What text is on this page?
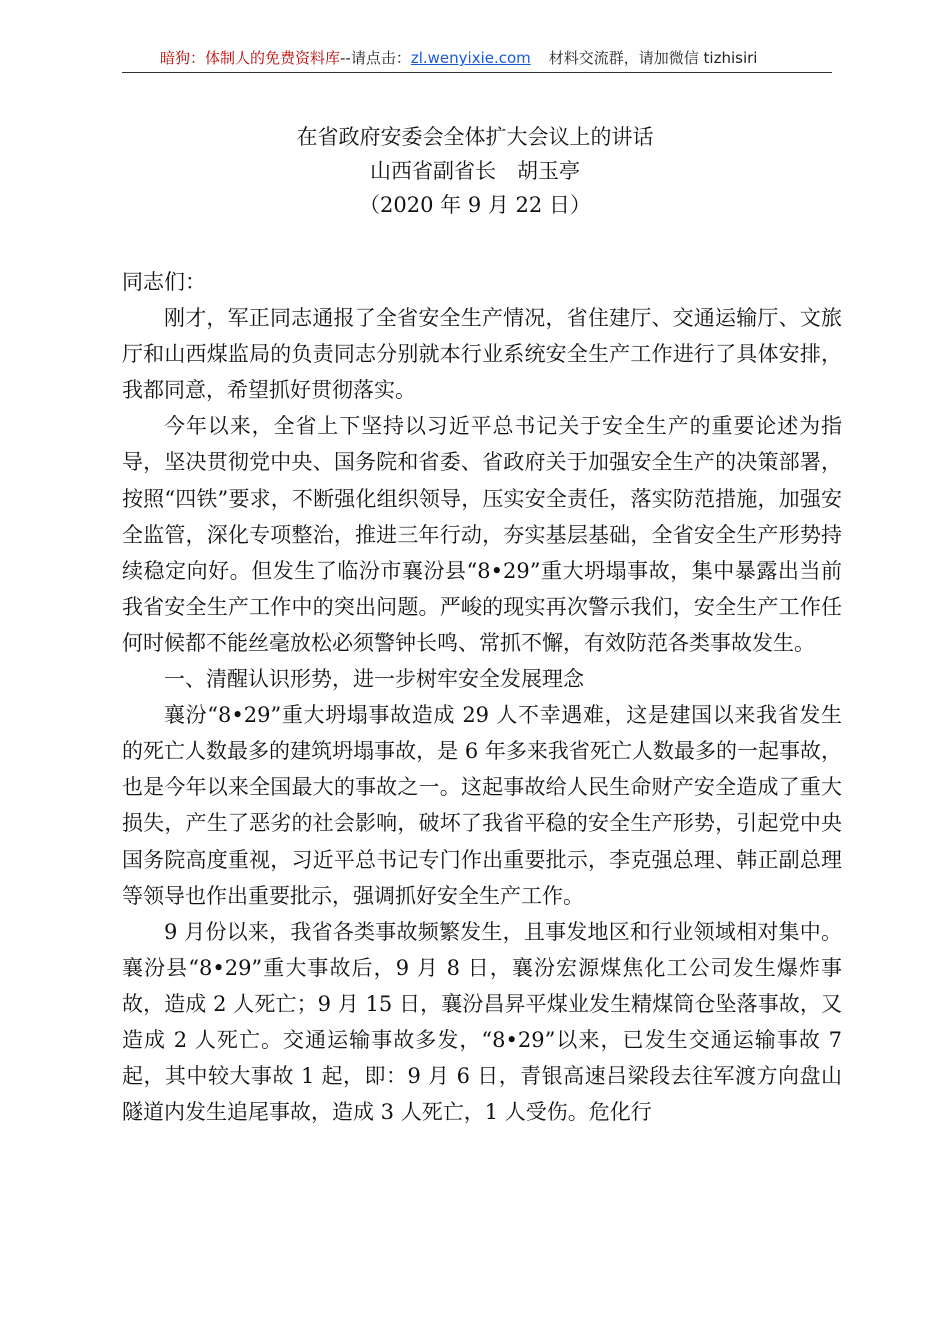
暗狗：体制人的免费资料库--请点击：zl.wenyixie.com 材料交流群，请加微信 tizhisiri
在省政府安委会全体扩大会议上的讲话
山西省副省长　胡玉亭
（2020 年 9 月 22 日）

同志们：

刚才，军正同志通报了全省安全生产情况，省住建厅、交通运输厅、文旅厅和山西煤监局的负责同志分别就本行业系统安全生产工作进行了具体安排，我都同意，希望抓好贯彻落实。

今年以来，全省上下坚持以习近平总书记关于安全生产的重要论述为指导，坚决贯彻党中央、国务院和省委、省政府关于加强安全生产的决策部署，按照“四铁”要求，不断强化组织领导，压实安全责任，落实防范措施，加强安全监管，深化专项整治，推进三年行动，夯实基层基础，全省安全生产形势持续稳定向好。但发生了临汾市襄汾县“8•29”重大坍塌事故，集中暴露出当前我省安全生产工作中的突出问题。严峻的现实再次警示我们，安全生产工作任何时候都不能丝毫放松必须警钟长鸣、常抓不懈，有效防范各类事故发生。

一、清醒认识形势，进一步树牢安全发展理念

襄汾“8•29”重大坍塌事故造成 29 人不幸遇难，这是建国以来我省发生的死亡人数最多的建筑坍塌事故，是 6 年多来我省死亡人数最多的一起事故，也是今年以来全国最大的事故之一。这起事故给人民生命财产安全造成了重大损失，产生了恶劣的社会影响，破坏了我省平稳的安全生产形势，引起党中央国务院高度重视，习近平总书记专门作出重要批示，李克强总理、韩正副总理等领导也作出重要批示，强调抓好安全生产工作。

9 月份以来，我省各类事故频繁发生，且事发地区和行业领域相对集中。襄汾县“8•29”重大事故后，9 月 8 日，襄汾宏源煤焦化工公司发生爆炸事故，造成 2 人死亡；9 月 15 日，襄汾昌昇平煤业发生精煤筒仓坠落事故，又造成 2 人死亡。交通运输事故多发，“8•29”以来，已发生交通运输事故 7 起，其中较大事故 1 起，即：9 月 6 日，青银高速吕梁段去往军渡方向盘山隧道内发生追尾事故，造成 3 人死亡，1 人受伤。危化行
